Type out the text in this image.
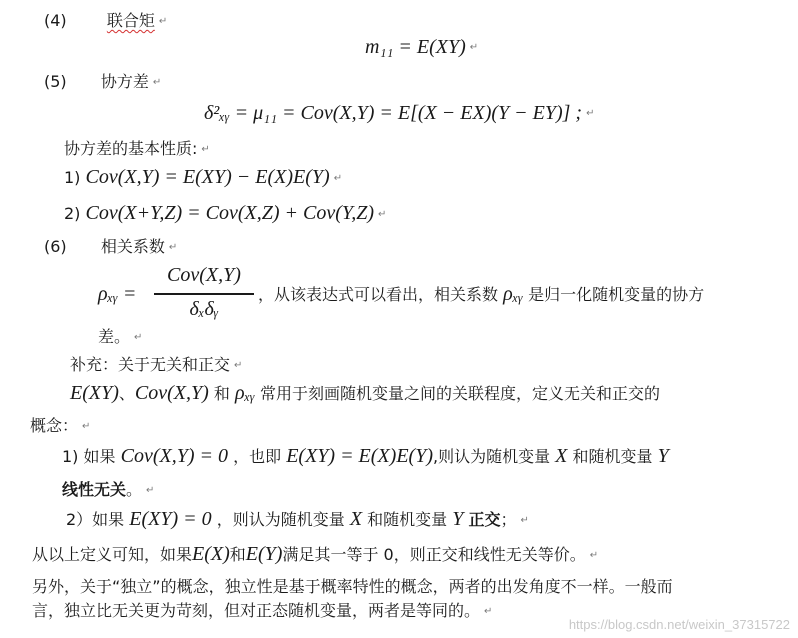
(4)	联合矩 ↵
m₁₁ = E(XY) ↵
(5) 协方差 ↵
δ²ₓᵧ = μ₁₁ = Cov(X,Y) = E[(X − EX)(Y − EY)] ; ↵
协方差的基本性质: ↵
1) Cov(X,Y) = E(XY) − E(X)E(Y) ↵
2) Cov(X+Y,Z) = Cov(X,Z) + Cov(Y,Z) ↵
(6) 相关系数 ↵
ρₓᵧ =
Cov(X,Y)
δₓδᵧ
，从该表达式可以看出，相关系数 ρₓᵧ 是归一化随机变量的协方
差。 ↵
补充：关于无关和正交 ↵
E(XY)、Cov(X,Y) 和 ρₓᵧ 常用于刻画随机变量之间的关联程度，定义无关和正交的
概念： ↵
1) 如果 Cov(X,Y) = 0 ，也即 E(XY) = E(X)E(Y),则认为随机变量 X 和随机变量 Y
线性无关。 ↵
2）如果 E(XY) = 0 ，则认为随机变量 X 和随机变量 Y 正交； ↵
从以上定义可知，如果E(X)和E(Y)满足其一等于 0，则正交和线性无关等价。 ↵
另外，关于“独立”的概念，独立性是基于概率特性的概念，两者的出发角度不一样。一般而
言，独立比无关更为苛刻，但对正态随机变量，两者是等同的。 ↵
https://blog.csdn.net/weixin_37315722
